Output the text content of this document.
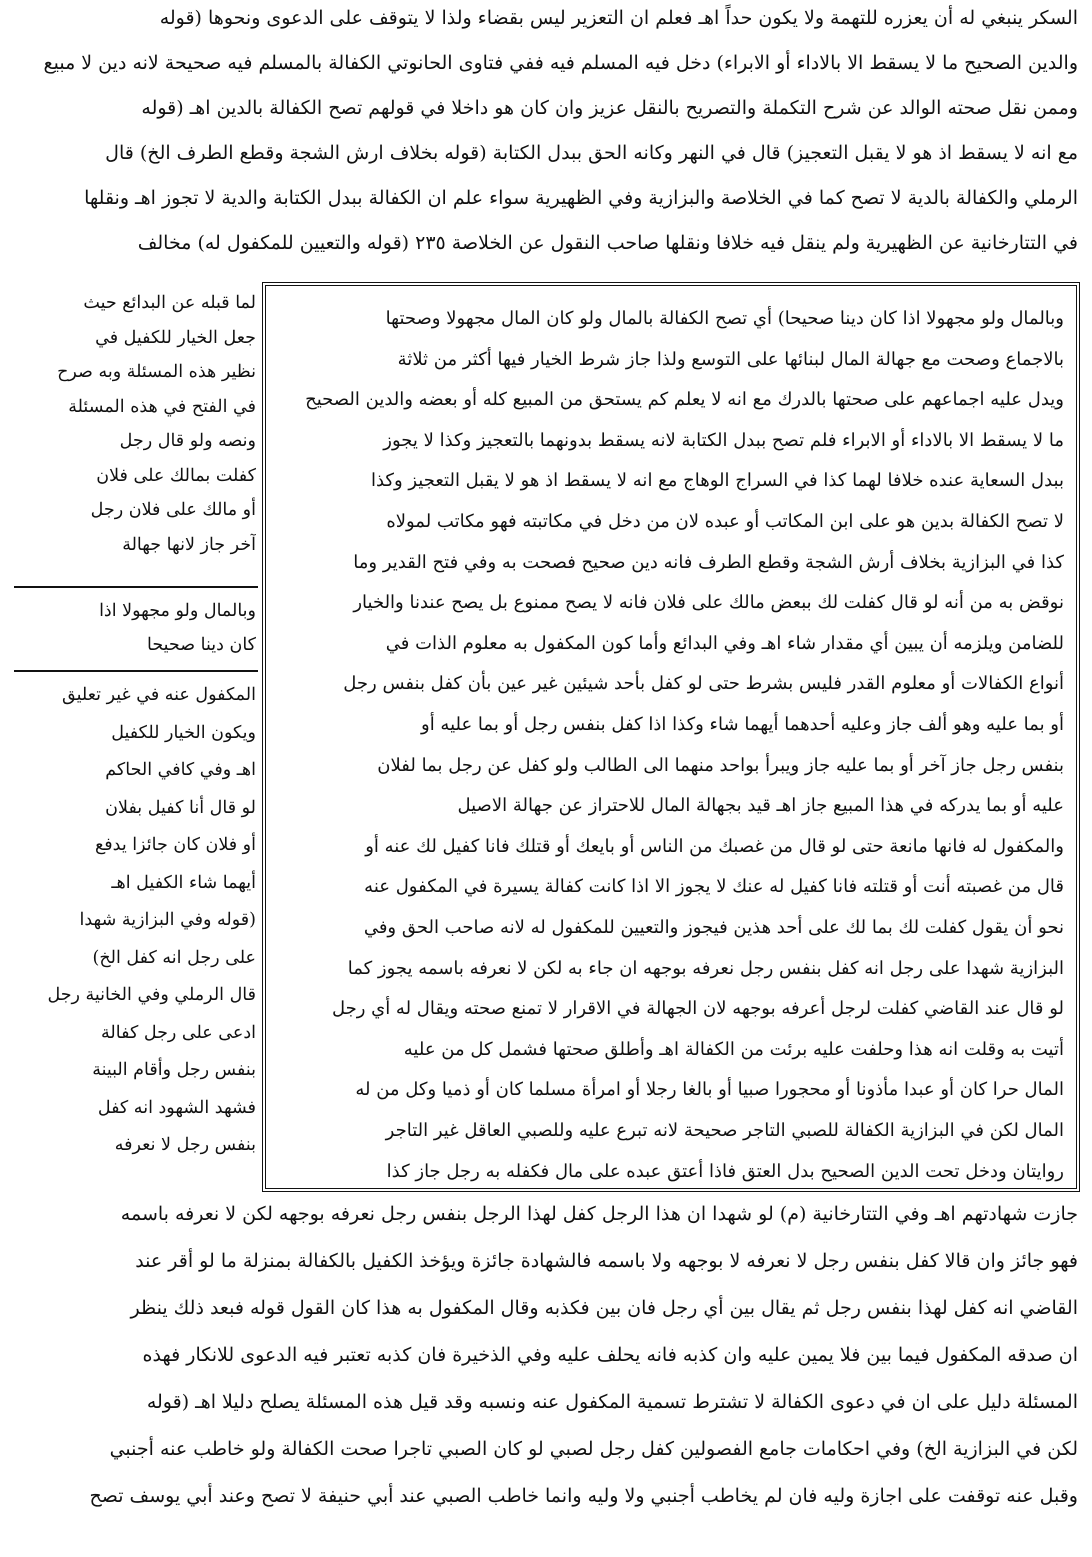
السكر ينبغي له أن يعزره للتهمة ولا يكون حداً اهـ فعلم ان التعزير ليس بقضاء ولذا لا يتوقف على الدعوى ونحوها (قوله
والدين الصحيح ما لا يسقط الا بالاداء أو الابراء) دخل فيه المسلم فيه ففي فتاوى الحانوتي الكفالة بالمسلم فيه صحيحة لانه دين لا مبيع
وممن نقل صحته الوالد عن شرح التكملة والتصريح بالنقل عزيز وان كان هو داخلا في قولهم تصح الكفالة بالدين اهـ (قوله
مع انه لا يسقط اذ هو لا يقبل التعجيز) قال في النهر وكانه الحق ببدل الكتابة (قوله بخلاف ارش الشجة وقطع الطرف الخ) قال
الرملي والكفالة بالدية لا تصح كما في الخلاصة والبزازية وفي الظهيرية سواء علم ان الكفالة ببدل الكتابة والدية لا تجوز اهـ ونقلها
في التتارخانية عن الظهيرية ولم ينقل فيه خلافا ونقلها صاحب النقول عن الخلاصة ٢٣٥ (قوله والتعيين للمكفول له) مخالف
لما قبله عن البدائع حيث
جعل الخيار للكفيل في
نظير هذه المسئلة وبه صرح
في الفتح في هذه المسئلة
ونصه ولو قال رجل
كفلت بمالك على فلان
أو مالك على فلان رجل
آخر جاز لانها جهالة
وبالمال ولو مجهولا اذا
كان دينا صحيحا
المكفول عنه في غير تعليق
ويكون الخيار للكفيل
اهـ وفي كافي الحاكم
لو قال أنا كفيل بفلان
أو فلان كان جائزا يدفع
أيهما شاء الكفيل اهـ
(قوله وفي البزازية شهدا
على رجل انه كفل الخ)
قال الرملي وفي الخانية رجل
ادعى على رجل كفالة
بنفس رجل وأقام البينة
فشهد الشهود انه كفل
بنفس رجل لا نعرفه
وبالمال ولو مجهولا اذا كان دينا صحيحا) أي تصح الكفالة بالمال ولو كان المال مجهولا وصحتها
بالاجماع وصحت مع جهالة المال لبنائها على التوسع ولذا جاز شرط الخيار فيها أكثر من ثلاثة
ويدل عليه اجماعهم على صحتها بالدرك مع انه لا يعلم كم يستحق من المبيع كله أو بعضه والدين الصحيح
ما لا يسقط الا بالاداء أو الابراء فلم تصح ببدل الكتابة لانه يسقط بدونهما بالتعجيز وكذا لا يجوز
ببدل السعاية عنده خلافا لهما كذا في السراج الوهاج مع انه لا يسقط اذ هو لا يقبل التعجيز وكذا
لا تصح الكفالة بدين هو على ابن المكاتب أو عبده لان من دخل في مكاتبته فهو مكاتب لمولاه
كذا في البزازية بخلاف أرش الشجة وقطع الطرف فانه دين صحيح فصحت به وفي فتح القدير وما
نوقض به من أنه لو قال كفلت لك ببعض مالك على فلان فانه لا يصح ممنوع بل يصح عندنا والخيار
للضامن ويلزمه أن يبين أي مقدار شاء اهـ وفي البدائع وأما كون المكفول به معلوم الذات في
أنواع الكفالات أو معلوم القدر فليس بشرط حتى لو كفل بأحد شيئين غير عين بأن كفل بنفس رجل
أو بما عليه وهو ألف جاز وعليه أحدهما أيهما شاء وكذا اذا كفل بنفس رجل أو بما عليه أو
بنفس رجل جاز آخر أو بما عليه جاز ويبرأ بواحد منهما الى الطالب ولو كفل عن رجل بما لفلان
عليه أو بما يدركه في هذا المبيع جاز اهـ قيد بجهالة المال للاحتراز عن جهالة الاصيل
والمكفول له فانها مانعة حتى لو قال من غصبك من الناس أو بايعك أو قتلك فانا كفيل لك عنه أو
قال من غصبته أنت أو قتلته فانا كفيل له عنك لا يجوز الا اذا كانت كفالة يسيرة في المكفول عنه
نحو أن يقول كفلت لك بما لك على أحد هذين فيجوز والتعيين للمكفول له لانه صاحب الحق وفي
البزازية شهدا على رجل انه كفل بنفس رجل نعرفه بوجهه ان جاء به لكن لا نعرفه باسمه يجوز كما
لو قال عند القاضي كفلت لرجل أعرفه بوجهه لان الجهالة في الاقرار لا تمنع صحته ويقال له أي رجل
أتيت به وقلت انه هذا وحلفت عليه برئت من الكفالة اهـ وأطلق صحتها فشمل كل من عليه
المال حرا كان أو عبدا مأذونا أو محجورا صبيا أو بالغا رجلا أو امرأة مسلما كان أو ذميا وكل من له
المال لكن في البزازية الكفالة للصبي التاجر صحيحة لانه تبرع عليه وللصبي العاقل غير التاجر
روايتان ودخل تحت الدين الصحيح بدل العتق فاذا أعتق عبده على مال فكفله به رجل جاز كذا
جازت شهادتهم اهـ وفي التتارخانية (م) لو شهدا ان هذا الرجل كفل لهذا الرجل بنفس رجل نعرفه بوجهه لكن لا نعرفه باسمه
فهو جائز وان قالا كفل بنفس رجل لا نعرفه لا بوجهه ولا باسمه فالشهادة جائزة ويؤخذ الكفيل بالكفالة بمنزلة ما لو أقر عند
القاضي انه كفل لهذا بنفس رجل ثم يقال بين أي رجل فان بين فكذبه وقال المكفول به هذا كان القول قوله فبعد ذلك ينظر
ان صدقه المكفول فيما بين فلا يمين عليه وان كذبه فانه يحلف عليه وفي الذخيرة فان كذبه تعتبر فيه الدعوى للانكار فهذه
المسئلة دليل على ان في دعوى الكفالة لا تشترط تسمية المكفول عنه ونسبه وقد قيل هذه المسئلة يصلح دليلا اهـ (قوله
لكن في البزازية الخ) وفي احكامات جامع الفصولين كفل رجل لصبي لو كان الصبي تاجرا صحت الكفالة ولو خاطب عنه أجنبي
وقبل عنه توقفت على اجازة وليه فان لم يخاطب أجنبي ولا وليه وانما خاطب الصبي عند أبي حنيفة لا تصح وعند أبي يوسف تصح
